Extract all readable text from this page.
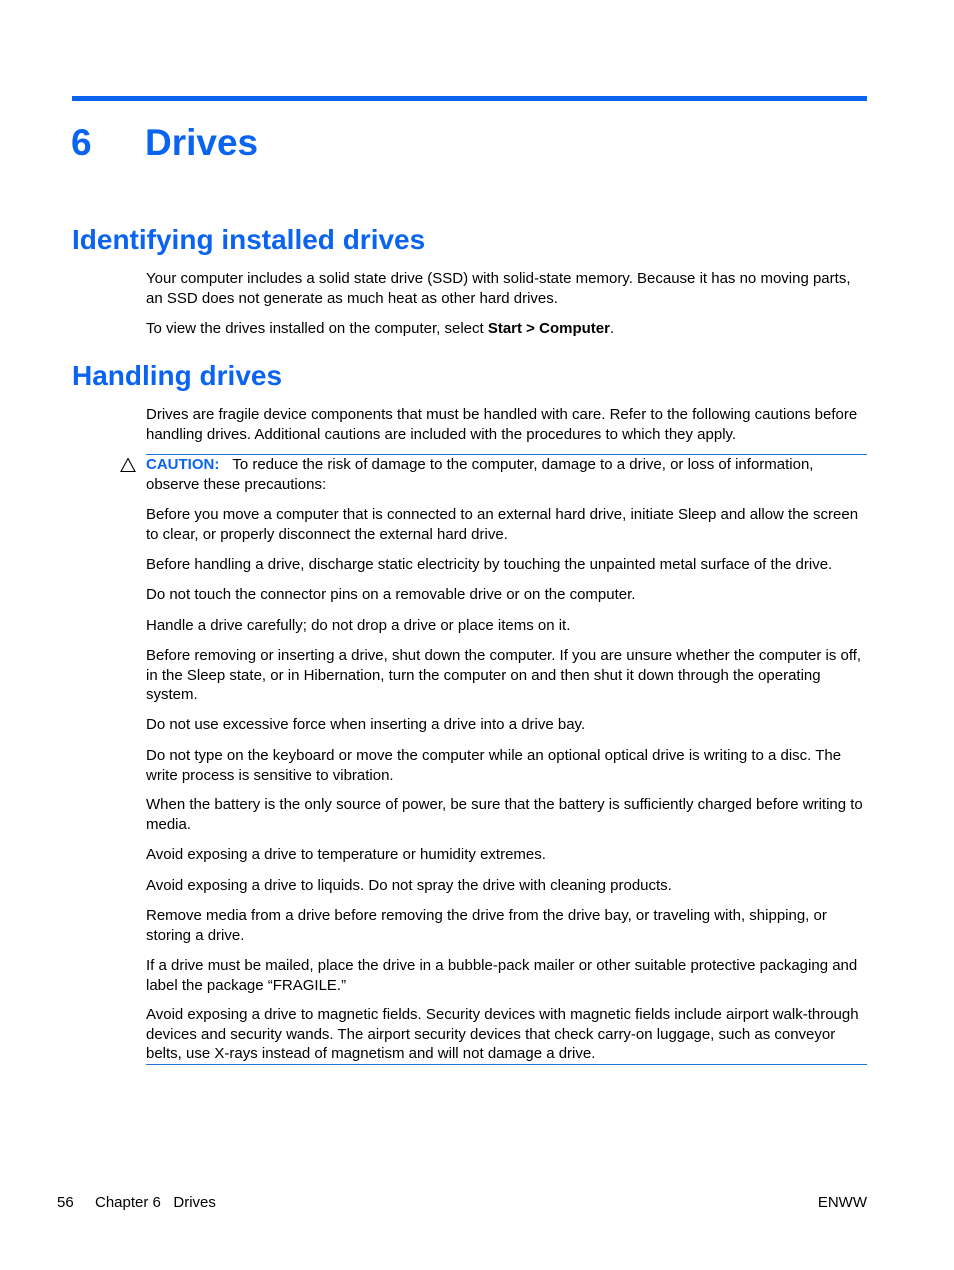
6 Drives
Identifying installed drives

Your computer includes a solid state drive (SSD) with solid-state memory. Because it has no moving parts, an SSD does not generate as much heat as other hard drives.

To view the drives installed on the computer, select Start > Computer.

Handling drives

Drives are fragile device components that must be handled with care. Refer to the following cautions before handling drives. Additional cautions are included with the procedures to which they apply.

CAUTION: To reduce the risk of damage to the computer, damage to a drive, or loss of information, observe these precautions:

Before you move a computer that is connected to an external hard drive, initiate Sleep and allow the screen to clear, or properly disconnect the external hard drive.

Before handling a drive, discharge static electricity by touching the unpainted metal surface of the drive.

Do not touch the connector pins on a removable drive or on the computer.

Handle a drive carefully; do not drop a drive or place items on it.

Before removing or inserting a drive, shut down the computer. If you are unsure whether the computer is off, in the Sleep state, or in Hibernation, turn the computer on and then shut it down through the operating system.

Do not use excessive force when inserting a drive into a drive bay.

Do not type on the keyboard or move the computer while an optional optical drive is writing to a disc. The write process is sensitive to vibration.

When the battery is the only source of power, be sure that the battery is sufficiently charged before writing to media.

Avoid exposing a drive to temperature or humidity extremes.

Avoid exposing a drive to liquids. Do not spray the drive with cleaning products.

Remove media from a drive before removing the drive from the drive bay, or traveling with, shipping, or storing a drive.

If a drive must be mailed, place the drive in a bubble-pack mailer or other suitable protective packaging and label the package “FRAGILE.”

Avoid exposing a drive to magnetic fields. Security devices with magnetic fields include airport walk-through devices and security wands. The airport security devices that check carry-on luggage, such as conveyor belts, use X-rays instead of magnetism and will not damage a drive.

56 Chapter 6   Drives	ENWW
